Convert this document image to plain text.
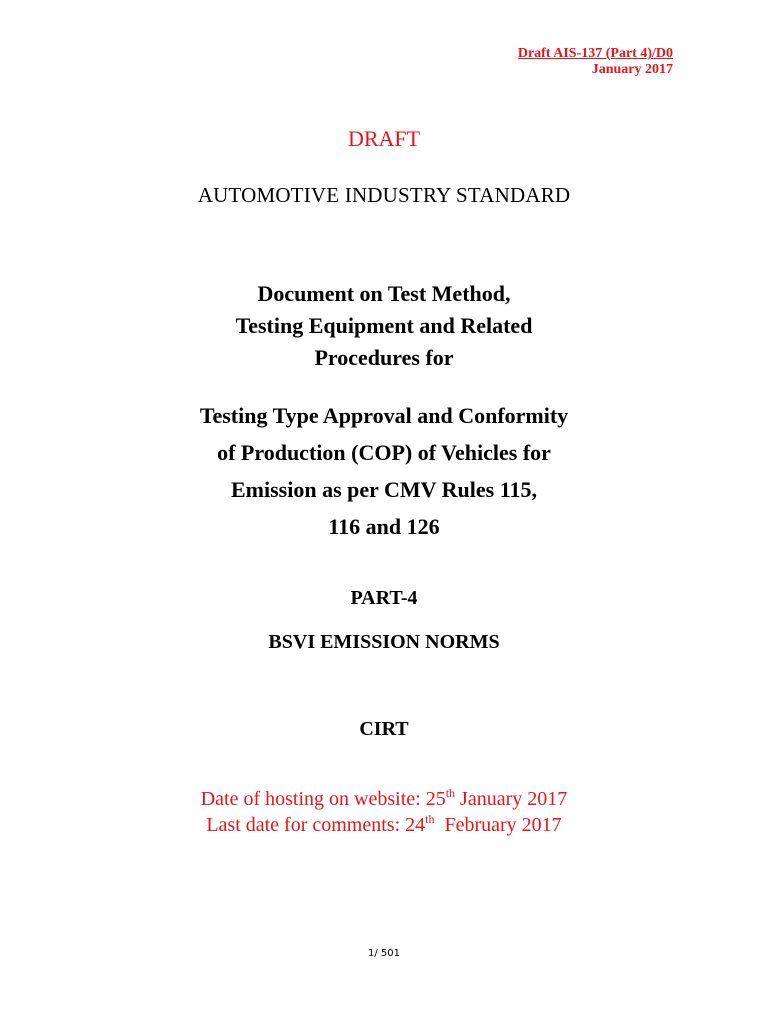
Draft AIS-137 (Part 4)/D0
January 2017
DRAFT
AUTOMOTIVE INDUSTRY STANDARD
Document on Test Method,
Testing Equipment and Related
Procedures for
Testing Type Approval and Conformity
of Production (COP) of Vehicles for
Emission as per CMV Rules 115,
116 and 126
PART-4
BSVI EMISSION NORMS
CIRT
Date of hosting on website: 25th January 2017
Last date for comments: 24th  February 2017
1/ 501
